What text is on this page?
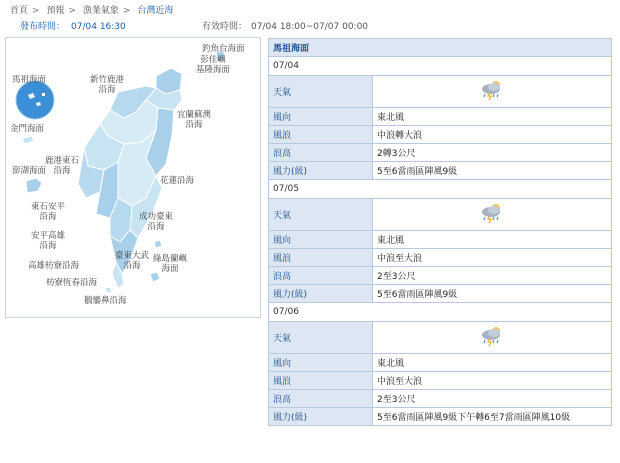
首頁 > 預報 > 漁業氣象 > 台灣近海
發布時間： 07/04 16:30	有效時間： 07/04 18:00~07/07 00:00
釣魚台海面
彭佳嶼
基隆海面
馬祖海面	新竹鹿港
沿海
宜蘭蘇澳
沿海
金門海面
鹿港東石
沿海
澎湖海面
花蓮沿海
東石安平
沿海	成功臺東
沿海
安平高雄
沿海
綠島蘭嶼
海面
臺東大武
沿海
高雄枋寮沿海
枋寮恆春沿海
鵝鑾鼻沿海
馬祖海面	
07/04	
天氣	
風向	東北風
風浪	中浪轉大浪
浪高	2轉3公尺
風力(級)	5至6當雨區陣風9級
07/05	
天氣	
風向	東北風
風浪	中浪至大浪
浪高	2至3公尺
風力(級)	5至6當雨區陣風9級
07/06	
天氣	
風向	東北風
風浪	中浪至大浪
浪高	2至3公尺
風力(級)	5至6當雨區陣風9級下午轉6至7當雨區陣風10級
